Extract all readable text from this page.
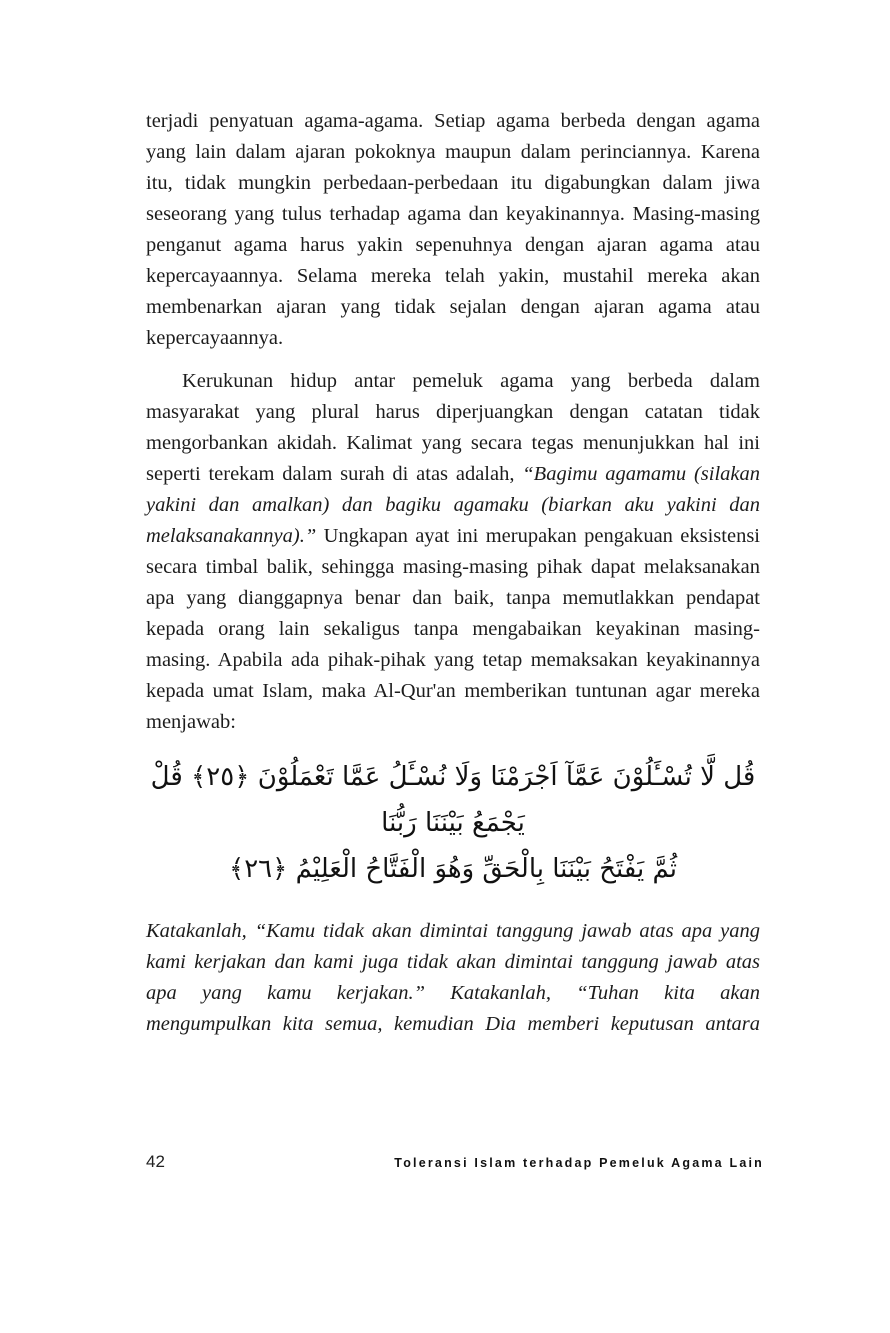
terjadi penyatuan agama-agama. Setiap agama berbeda dengan agama yang lain dalam ajaran pokoknya maupun dalam perinciannya. Karena itu, tidak mungkin perbedaan-perbedaan itu digabungkan dalam jiwa seseorang yang tulus terhadap agama dan keyakinannya. Masing-masing penganut agama harus yakin sepenuhnya dengan ajaran agama atau kepercayaannya. Selama mereka telah yakin, mustahil mereka akan membenarkan ajaran yang tidak sejalan dengan ajaran agama atau kepercayaannya.

Kerukunan hidup antar pemeluk agama yang berbeda dalam masyarakat yang plural harus diperjuangkan dengan catatan tidak mengorbankan akidah. Kalimat yang secara tegas menunjukkan hal ini seperti terekam dalam surah di atas adalah, “Bagimu agamamu (silakan yakini dan amalkan) dan bagiku agamaku (biarkan aku yakini dan melaksanakannya).” Ungkapan ayat ini merupakan pengakuan eksistensi secara timbal balik, sehingga masing-masing pihak dapat melaksanakan apa yang dianggapnya benar dan baik, tanpa memutlakkan pendapat kepada orang lain sekaligus tanpa mengabaikan keyakinan masing-masing. Apabila ada pihak-pihak yang tetap memaksakan keyakinannya kepada umat Islam, maka Al-Qur'an memberikan tuntunan agar mereka menjawab:

قُل لَّا تُسْـَٔلُوْنَ عَمَّآ اَجْرَمْنَا وَلَا نُسْـَٔلُ عَمَّا تَعْمَلُوْنَ ﴿٢٥﴾ قُلْ يَجْمَعُ بَيْنَنَا رَبُّنَا
ثُمَّ يَفْتَحُ بَيْنَنَا بِالْحَقِّ وَهُوَ الْفَتَّاحُ الْعَلِيْمُ ﴿٢٦﴾

Katakanlah, “Kamu tidak akan dimintai tanggung jawab atas apa yang kami kerjakan dan kami juga tidak akan dimintai tanggung jawab atas apa yang kamu kerjakan.” Katakanlah, “Tuhan kita akan mengumpulkan kita semua, kemudian Dia memberi keputusan antara

42	Toleransi Islam terhadap Pemeluk Agama Lain
